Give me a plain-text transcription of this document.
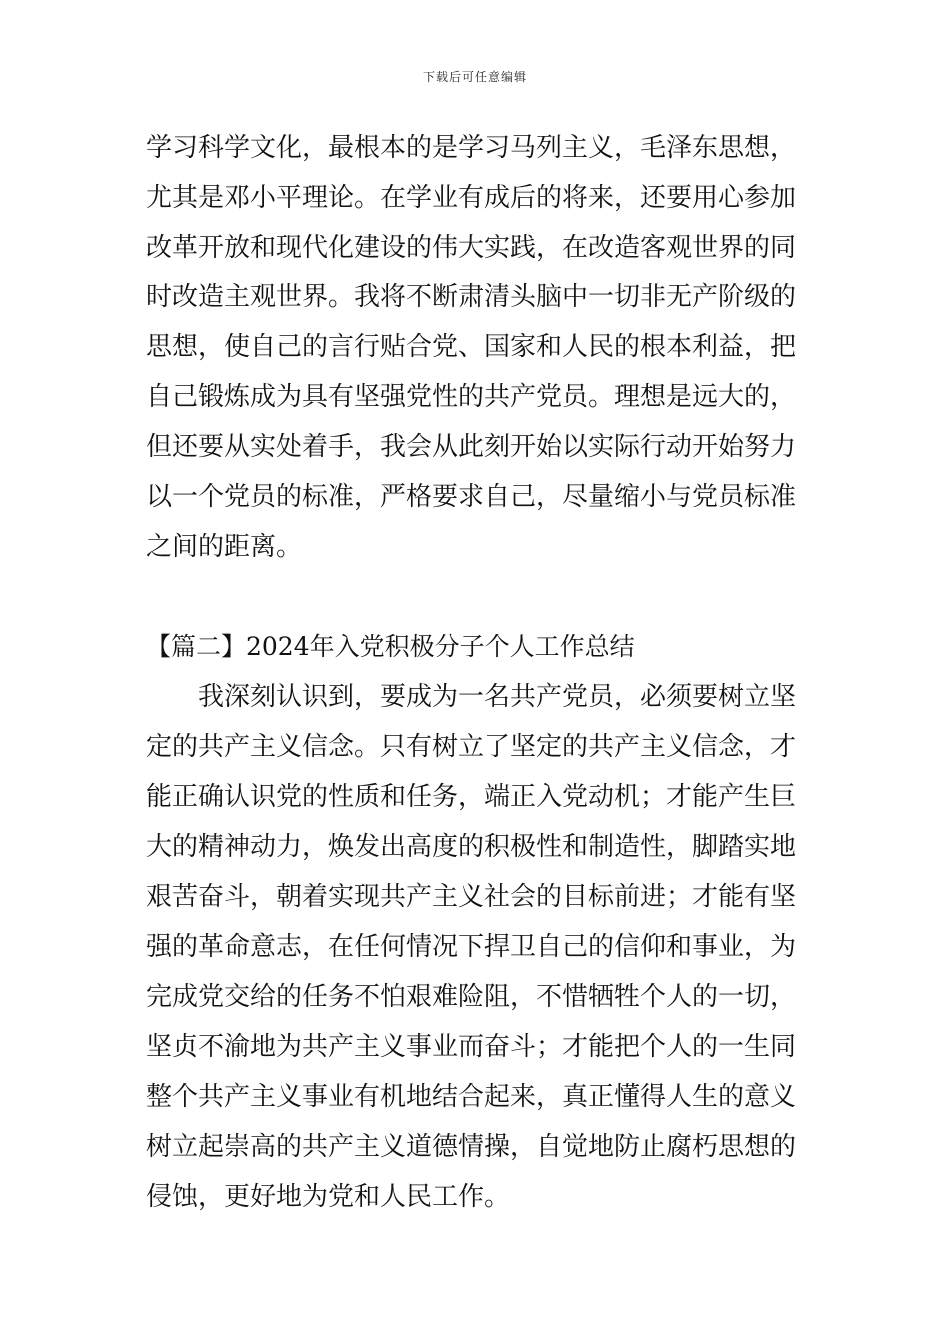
下载后可任意编辑
学习科学文化，最根本的是学习马列主义，毛泽东思想，
尤其是邓小平理论。在学业有成后的将来，还要用心参加
改革开放和现代化建设的伟大实践，在改造客观世界的同
时改造主观世界。我将不断肃清头脑中一切非无产阶级的
思想，使自己的言行贴合党、国家和人民的根本利益，把
自己锻炼成为具有坚强党性的共产党员。理想是远大的，
但还要从实处着手，我会从此刻开始以实际行动开始努力
以一个党员的标准，严格要求自己，尽量缩小与党员标准
之间的距离。
【篇二】2024年入党积极分子个人工作总结
我深刻认识到，要成为一名共产党员，必须要树立坚
定的共产主义信念。只有树立了坚定的共产主义信念，才
能正确认识党的性质和任务，端正入党动机；才能产生巨
大的精神动力，焕发出高度的积极性和制造性，脚踏实地
艰苦奋斗，朝着实现共产主义社会的目标前进；才能有坚
强的革命意志，在任何情况下捍卫自己的信仰和事业，为
完成党交给的任务不怕艰难险阻，不惜牺牲个人的一切，
坚贞不渝地为共产主义事业而奋斗；才能把个人的一生同
整个共产主义事业有机地结合起来，真正懂得人生的意义
树立起崇高的共产主义道德情操，自觉地防止腐朽思想的
侵蚀，更好地为党和人民工作。
